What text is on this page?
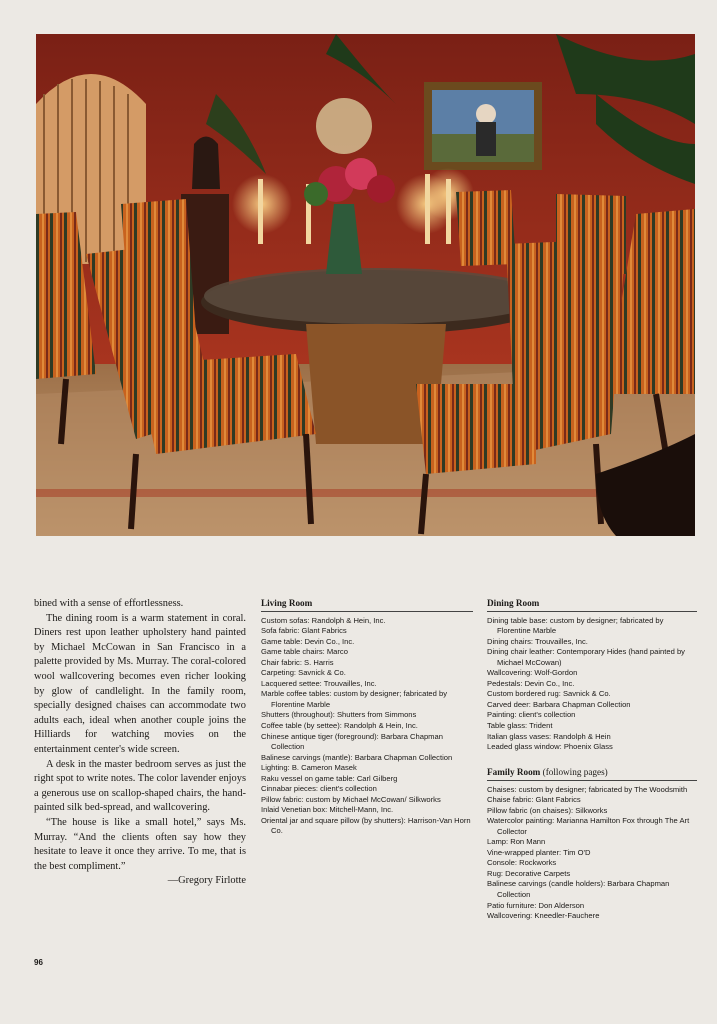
bined with a sense of effortlessness.

The dining room is a warm statement in coral. Diners rest upon leather upholstery hand painted by Michael McCowan in San Francisco in a palette provided by Ms. Murray. The coral-colored wool wallcovering becomes even richer looking by glow of candlelight. In the family room, specially designed chaises can accommodate two adults each, ideal when another couple joins the Hilliards for watching movies on the entertainment center's wide screen.

A desk in the master bedroom serves as just the right spot to write notes. The color lavender enjoys a generous use on scallop-shaped chairs, the hand-painted silk bed-spread, and wallcovering.

“The house is like a small hotel,” says Ms. Murray. “And the clients often say how they hesitate to leave it once they arrive. To me, that is the best compliment.”

—Gregory Firlotte

Living Room
Custom sofas: Randolph & Hein, Inc.
Sofa fabric: Glant Fabrics
Game table: Devin Co., Inc.
Game table chairs: Marco
Chair fabric: S. Harris
Carpeting: Savnick & Co.
Lacquered settee: Trouvailles, Inc.
Marble coffee tables: custom by designer; fabricated by Florentine Marble
Shutters (throughout): Shutters from Simmons
Coffee table (by settee): Randolph & Hein, Inc.
Chinese antique tiger (foreground): Barbara Chapman Collection
Balinese carvings (mantle): Barbara Chapman Collection
Lighting: B. Cameron Masek
Raku vessel on game table: Carl Gilberg
Cinnabar pieces: client's collection
Pillow fabric: custom by Michael McCowan/ Silkworks
Inlaid Venetian box: Mitchell-Mann, Inc.
Oriental jar and square pillow (by shutters): Harrison-Van Horn Co.
Dining Room
Dining table base: custom by designer; fabricated by Florentine Marble
Dining chairs: Trouvailles, Inc.
Dining chair leather: Contemporary Hides (hand painted by Michael McCowan)
Wallcovering: Wolf-Gordon
Pedestals: Devin Co., Inc.
Custom bordered rug: Savnick & Co.
Carved deer: Barbara Chapman Collection
Painting: client's collection
Table glass: Trident
Italian glass vases: Randolph & Hein
Leaded glass window: Phoenix Glass
Family Room (following pages)
Chaises: custom by designer; fabricated by The Woodsmith
Chaise fabric: Glant Fabrics
Pillow fabric (on chaises): Silkworks
Watercolor painting: Marianna Hamilton Fox through The Art Collector
Lamp: Ron Mann
Vine-wrapped planter: Tim O'D
Console: Rockworks
Rug: Decorative Carpets
Balinese carvings (candle holders): Barbara Chapman Collection
Patio furniture: Don Alderson
Wallcovering: Kneedler-Fauchere
96
